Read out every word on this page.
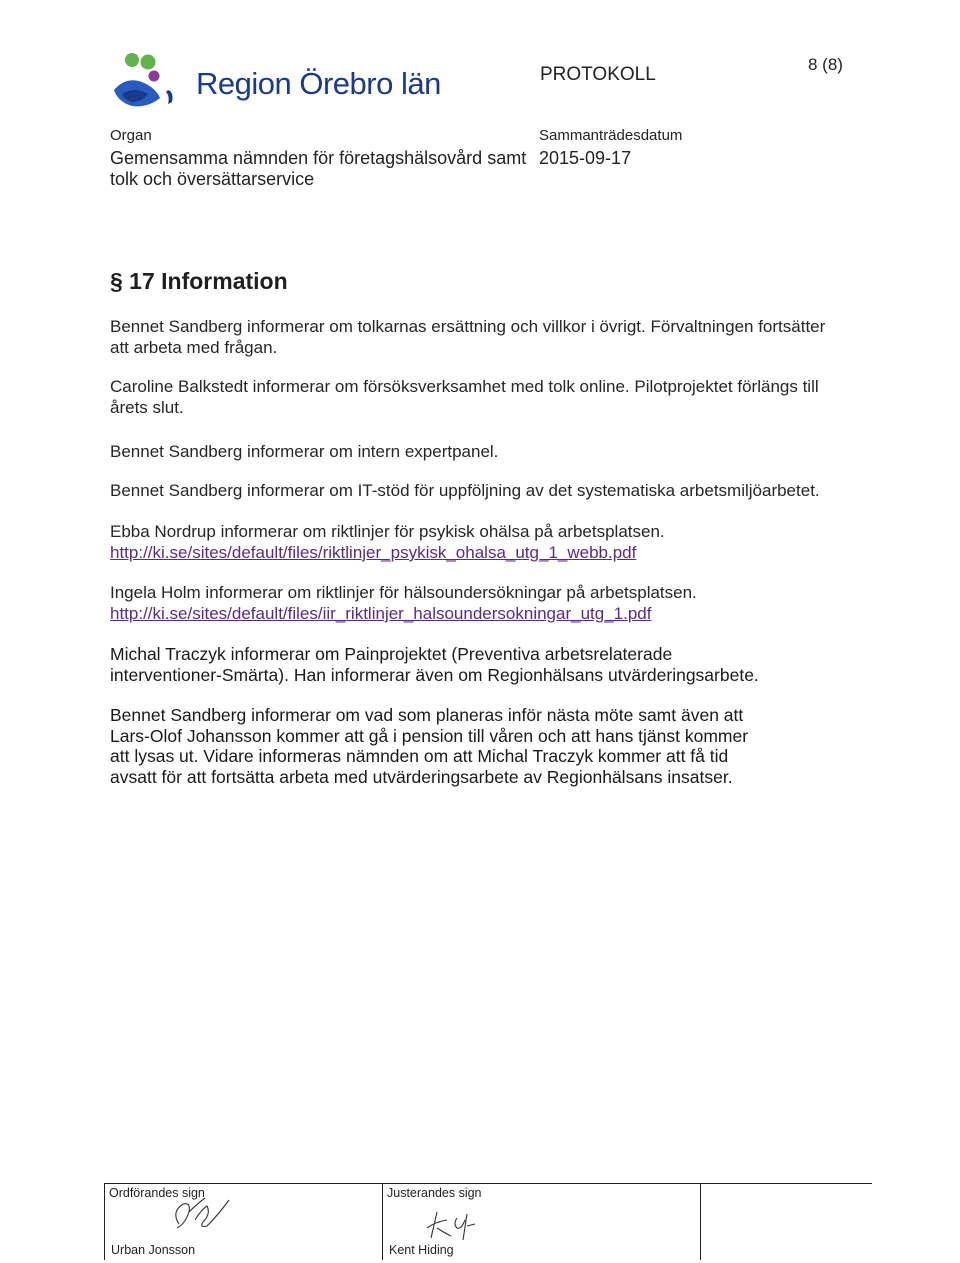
Region Örebro län	PROTOKOLL	8 (8)
Organ
Gemensamma nämnden för företagshälsovård samt
tolk och översättarservice
Sammanträdesdatum
2015-09-17
§ 17 Information
Bennet Sandberg informerar om tolkarnas ersättning och villkor i övrigt. Förvaltningen fortsätter
att arbeta med frågan.
Caroline Balkstedt informerar om försöksverksamhet med tolk online. Pilotprojektet förlängs till
årets slut.
Bennet Sandberg informerar om intern expertpanel.
Bennet Sandberg informerar om IT-stöd för uppföljning av det systematiska arbetsmiljöarbetet.
Ebba Nordrup informerar om riktlinjer för psykisk ohälsa på arbetsplatsen.
http://ki.se/sites/default/files/riktlinjer_psykisk_ohalsa_utg_1_webb.pdf
Ingela Holm informerar om riktlinjer för hälsoundersökningar på arbetsplatsen.
http://ki.se/sites/default/files/iir_riktlinjer_halsoundersokningar_utg_1.pdf
Michal Traczyk informerar om Painprojektet (Preventiva arbetsrelaterade
interventioner-Smärta). Han informerar även om Regionhälsans utvärderingsarbete.
Bennet Sandberg informerar om vad som planeras inför nästa möte samt även att
Lars-Olof Johansson kommer att gå i pension till våren och att hans tjänst kommer
att lysas ut. Vidare informeras nämnden om att Michal Traczyk kommer att få tid
avsatt för att fortsätta arbeta med utvärderingsarbete av Regionhälsans insatser.
Ordförandes sign
Urban Jonsson
Justerandes sign
Kent Hiding
